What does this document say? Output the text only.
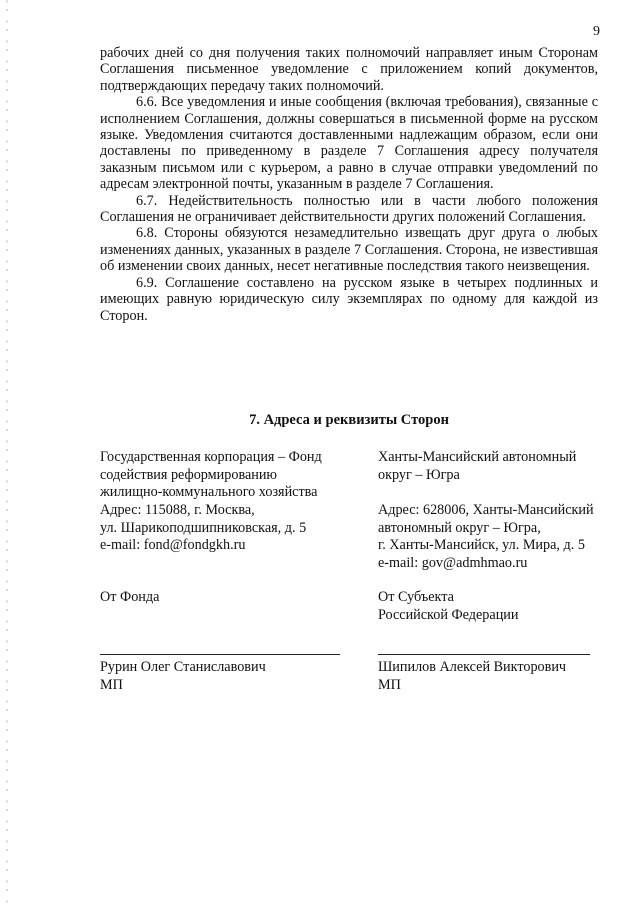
9

рабочих дней со дня получения таких полномочий направляет иным Сторонам Соглашения письменное уведомление с приложением копий документов, подтверждающих передачу таких полномочий.

6.6. Все уведомления и иные сообщения (включая требования), связанные с исполнением Соглашения, должны совершаться в письменной форме на русском языке. Уведомления считаются доставленными надлежащим образом, если они доставлены по приведенному в разделе 7 Соглашения адресу получателя заказным письмом или с курьером, а равно в случае отправки уведомлений по адресам электронной почты, указанным в разделе 7 Соглашения.

6.7. Недействительность полностью или в части любого положения Соглашения не ограничивает действительности других положений Соглашения.

6.8. Стороны обязуются незамедлительно извещать друг друга о любых изменениях данных, указанных в разделе 7 Соглашения. Сторона, не известившая об изменении своих данных, несет негативные последствия такого неизвещения.

6.9. Соглашение составлено на русском языке в четырех подлинных и имеющих равную юридическую силу экземплярах по одному для каждой из Сторон.

7. Адреса и реквизиты Сторон
Государственная корпорация – Фонд
содействия реформированию
жилищно-коммунального хозяйства
Адрес: 115088, г. Москва,
ул. Шарикоподшипниковская, д. 5
e-mail: fond@fondgkh.ru
От Фонда
Рурин Олег Станиславович
МП
Ханты-Мансийский автономный
округ – Югра
Адрес: 628006, Ханты-Мансийский
автономный округ – Югра,
г. Ханты-Мансийск, ул. Мира, д. 5
e-mail: gov@admhmao.ru
От Субъекта
Российской Федерации
Шипилов Алексей Викторович
МП
